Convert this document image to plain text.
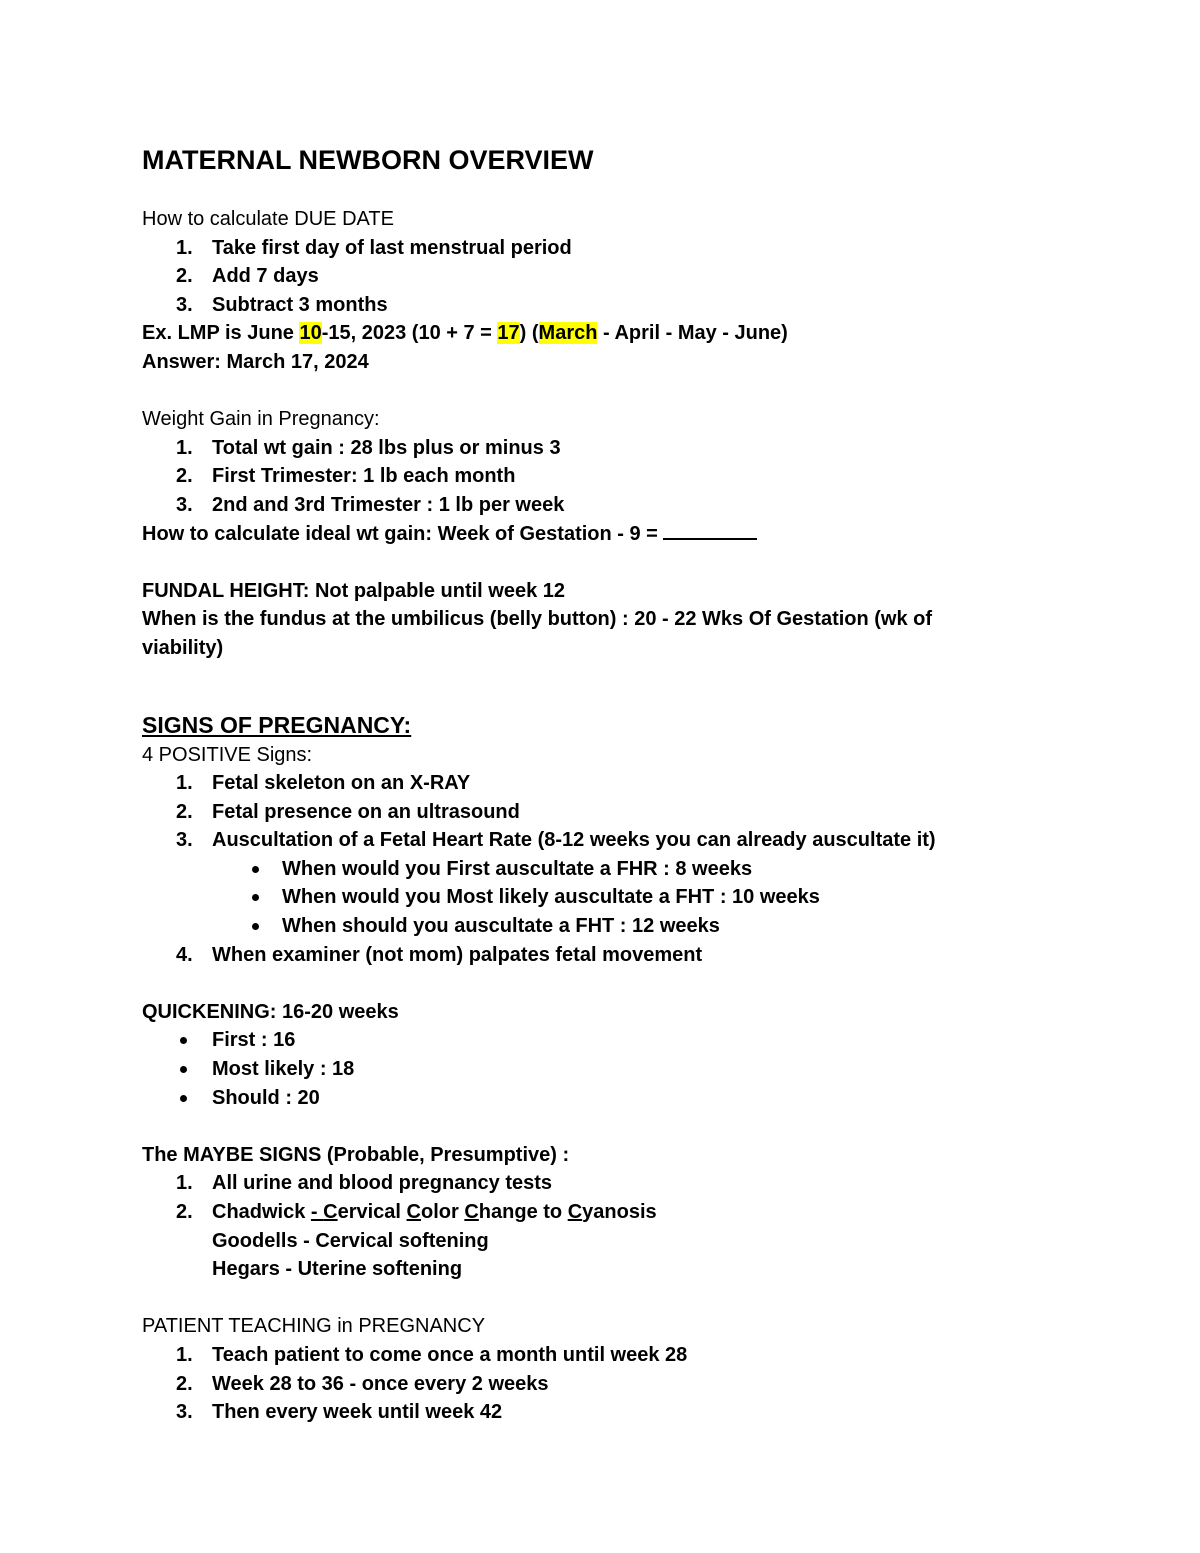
MATERNAL NEWBORN OVERVIEW
How to calculate DUE DATE
1. Take first day of last menstrual period
2. Add 7 days
3. Subtract 3 months
Ex. LMP is June 10-15, 2023 (10 + 7 = 17) (March - April - May - June)
Answer: March 17, 2024
Weight Gain in Pregnancy:
1. Total wt gain : 28 lbs plus or minus 3
2. First Trimester: 1 lb each month
3. 2nd and 3rd Trimester : 1 lb per week
How to calculate ideal wt gain: Week of Gestation - 9 =
FUNDAL HEIGHT: Not palpable until week 12
When is the fundus at the umbilicus (belly button) : 20 - 22 Wks Of Gestation (wk of viability)
SIGNS OF PREGNANCY:
4 POSITIVE Signs:
1. Fetal skeleton on an X-RAY
2. Fetal presence on an ultrasound
3. Auscultation of a Fetal Heart Rate (8-12 weeks you can already auscultate it)
When would you First auscultate a FHR : 8 weeks
When would you Most likely auscultate a FHT : 10 weeks
When should you auscultate a FHT : 12 weeks
4. When examiner (not mom) palpates fetal movement
QUICKENING: 16-20 weeks
First : 16
Most likely : 18
Should : 20
The MAYBE SIGNS (Probable, Presumptive) :
1. All urine and blood pregnancy tests
2. Chadwick - Cervical Color Change to Cyanosis
Goodells - Cervical softening
Hegars - Uterine softening
PATIENT TEACHING in PREGNANCY
1. Teach patient to come once a month until week 28
2. Week 28 to 36 - once every 2 weeks
3. Then every week until week 42
